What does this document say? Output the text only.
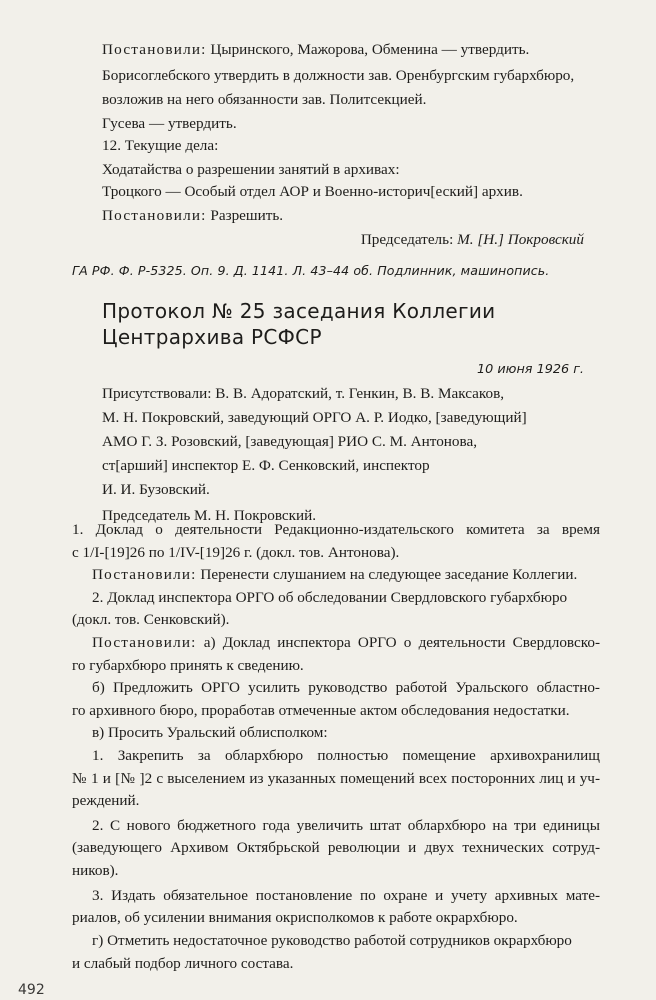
Постановили: Цыринского, Мажорова, Обменина — утвердить.
Борисоглебского утвердить в должности зав. Оренбургским губархбюро,
возложив на него обязанности зав. Политсекцией.
Гусева — утвердить.
12. Текущие дела:
Ходатайства о разрешении занятий в архивах:
Троцкого — Особый отдел АОР и Военно-историч[еский] архив.
Постановили: Разрешить.
Председатель: М. [Н.] Покровский
ГА РФ. Ф. Р-5325. Оп. 9. Д. 1141. Л. 43–44 об. Подлинник, машинопись.
Протокол № 25 заседания Коллегии
Центрархива РСФСР
10 июня 1926 г.
Присутствовали: В. В. Адоратский, т. Генкин, В. В. Максаков,
М. Н. Покровский, заведующий ОРГО А. Р. Иодко, [заведующий]
АМО Г. З. Розовский, [заведующая] РИО С. М. Антонова,
ст[арший] инспектор Е. Ф. Сенковский, инспектор
И. И. Бузовский.
Председатель М. Н. Покровский.
1. Доклад о деятельности Редакционно-издательского комитета за время
с 1/I-[19]26 по 1/IV-[19]26 г. (докл. тов. Антонова).
Постановили: Перенести слушанием на следующее заседание Коллегии.
2. Доклад инспектора ОРГО об обследовании Свердловского губархбюро
(докл. тов. Сенковский).
Постановили: а) Доклад инспектора ОРГО о деятельности Свердловско-
го губархбюро принять к сведению.
б) Предложить ОРГО усилить руководство работой Уральского областно-
го архивного бюро, проработав отмеченные актом обследования недостатки.
в) Просить Уральский облисполком:
1. Закрепить за облархбюро полностью помещение архивохранилищ
№ 1 и [№ ]2 с выселением из указанных помещений всех посторонних лиц и уч-
реждений.
2. С нового бюджетного года увеличить штат облархбюро на три единицы
(заведующего Архивом Октябрьской революции и двух технических сотруд-
ников).
3. Издать обязательное постановление по охране и учету архивных мате-
риалов, об усилении внимания окрисполкомов к работе окрархбюро.
г) Отметить недостаточное руководство работой сотрудников окрархбюро
492
и слабый подбор личного состава.
